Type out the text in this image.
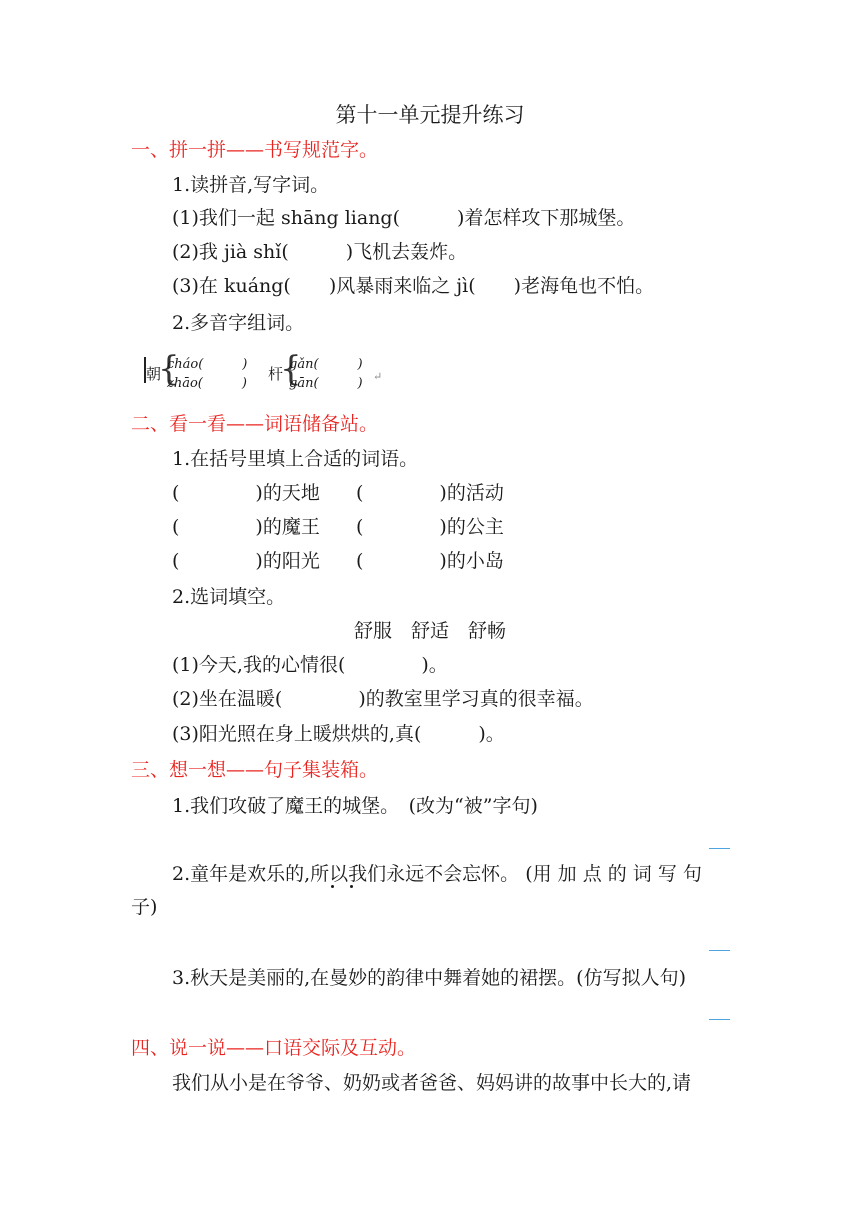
第十一单元提升练习
一、拼一拼——书写规范字。
1.读拼音,写字词。
(1)我们一起 shāng liang(　　　)着怎样攻下那城堡。
(2)我 jià shǐ(　　　)飞机去轰炸。
(3)在 kuáng(　　)风暴雨来临之 jì(　　)老海龟也不怕。
2.多音字组词。
朝
{
cháo(　　　)
zhāo(　　　)
杆
{
gǎn(　　　)
gān(　　　) ↵
二、看一看——词语储备站。
1.在括号里填上合适的词语。
(　　　　)的天地 (　　　　)的活动
(　　　　)的魔王 (　　　　)的公主
(　　　　)的阳光 (　　　　)的小岛
2.选词填空。
舒服　舒适　舒畅
(1)今天,我的心情很(　　　　)。
(2)坐在温暖(　　　　)的教室里学习真的很幸福。
(3)阳光照在身上暖烘烘的,真(　　　)。
三、想一想——句子集装箱。
1.我们攻破了魔王的城堡。　(改为“被”字句)
2.童年是欢乐的,所以我们永远不会忘怀。 (用 加 点 的 词 写 句
子)
3.秋天是美丽的,在曼妙的韵律中舞着她的裙摆。(仿写拟人句)
四、说一说——口语交际及互动。
我们从小是在爷爷、奶奶或者爸爸、妈妈讲的故事中长大的,请
